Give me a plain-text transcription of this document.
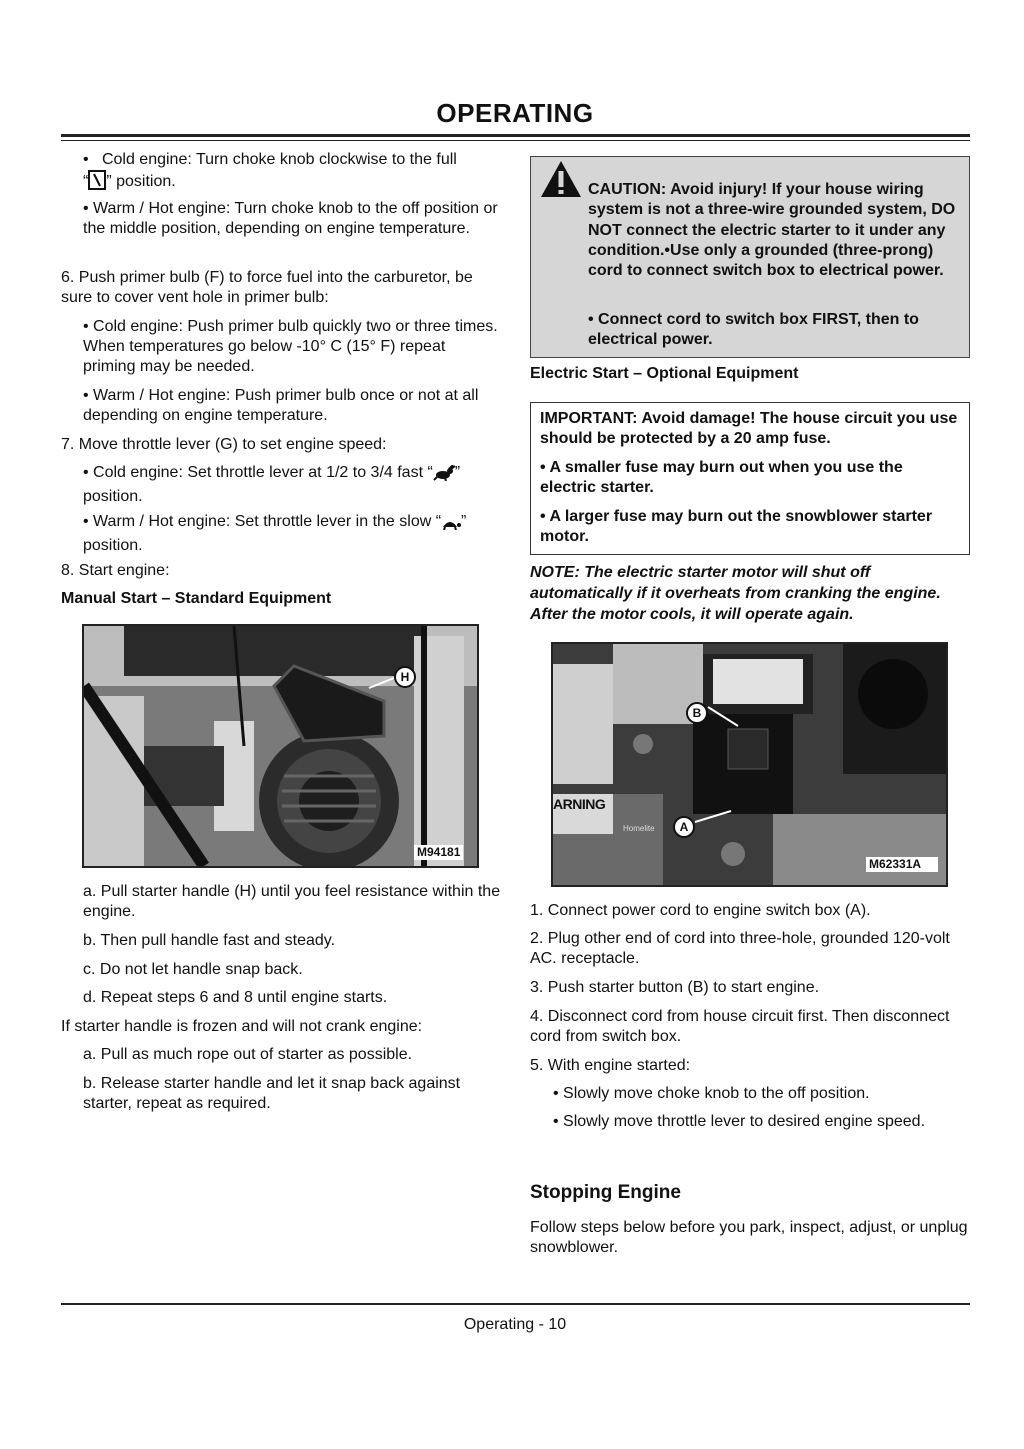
OPERATING
• Cold engine: Turn choke knob clockwise to the full
“ ” position.
• Warm / Hot engine: Turn choke knob to the off position or the middle position, depending on engine temperature.
6. Push primer bulb (F) to force fuel into the carburetor, be sure to cover vent hole in primer bulb:
• Cold engine: Push primer bulb quickly two or three times. When temperatures go below -10° C (15° F) repeat priming may be needed.
• Warm / Hot engine: Push primer bulb once or not at all depending on engine temperature.
7. Move throttle lever (G) to set engine speed:
• Cold engine: Set throttle lever at 1/2 to 3/4 fast “ ”
position.
• Warm / Hot engine: Set throttle lever in the slow “ ”
position.
8. Start engine:
Manual Start – Standard Equipment
H
M94181
a. Pull starter handle (H) until you feel resistance within the engine.
b. Then pull handle fast and steady.
c. Do not let handle snap back.
d. Repeat steps 6 and 8 until engine starts.
If starter handle is frozen and will not crank engine:
a. Pull as much rope out of starter as possible.
b. Release starter handle and let it snap back against starter, repeat as required.
CAUTION: Avoid injury! If your house wiring system is not a three-wire grounded system, DO NOT connect the electric starter to it under any condition.•Use only a grounded (three-prong) cord to connect switch box to electrical power.
• Connect cord to switch box FIRST, then to electrical power.
Electric Start – Optional Equipment

IMPORTANT: Avoid damage! The house circuit you use should be protected by a 20 amp fuse.

• A smaller fuse may burn out when you use the electric starter.

• A larger fuse may burn out the snowblower starter motor.

NOTE: The electric starter motor will shut off automatically if it overheats from cranking the engine. After the motor cools, it will operate again.
ARNING
Homelite
B
A
M62331A
1. Connect power cord to engine switch box (A).
2. Plug other end of cord into three-hole, grounded 120-volt AC. receptacle.
3. Push starter button (B) to start engine.
4. Disconnect cord from house circuit first. Then disconnect cord from switch box.
5. With engine started:
• Slowly move choke knob to the off position.
• Slowly move throttle lever to desired engine speed.
Stopping Engine
Follow steps below before you park, inspect, adjust, or unplug snowblower.
Operating - 10
